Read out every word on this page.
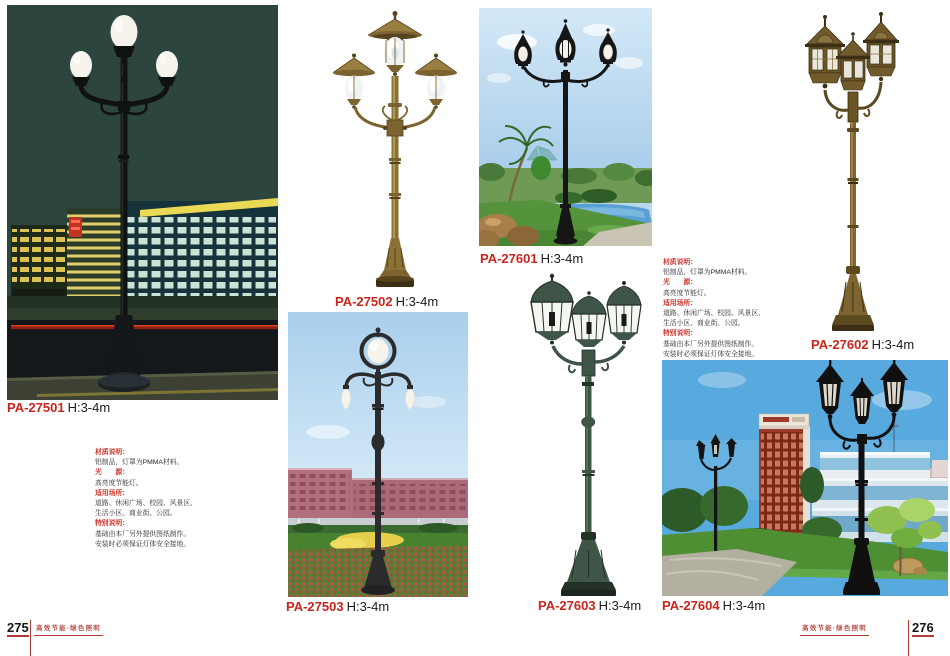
PA-27501 H:3-4m
PA-27502 H:3-4m
PA-27503 H:3-4m
PA-27601 H:3-4m
PA-27602 H:3-4m
PA-27603 H:3-4m PA-27604 H:3-4m
材质说明：
铝制品，灯罩为PMMA材料。
光　　源：
高亮度节能灯。
适用场所：
道路、休闲广场、校园、风景区、
生活小区、商业街、公园。
特别说明：
基础由本厂另外提供图纸制作。
安装时必须保证灯体安全接地。
材质说明：
铝制品，灯罩为PMMA材料。
光　　源：
高亮度节能灯。
适用场所：
道路、休闲广场、校园、风景区、
生活小区、商业街、公园。
特别说明：
基础由本厂另外提供图纸制作。
安装时必须保证灯体安全接地。
275	高效节能·绿色照明	高效节能·绿色照明	276
